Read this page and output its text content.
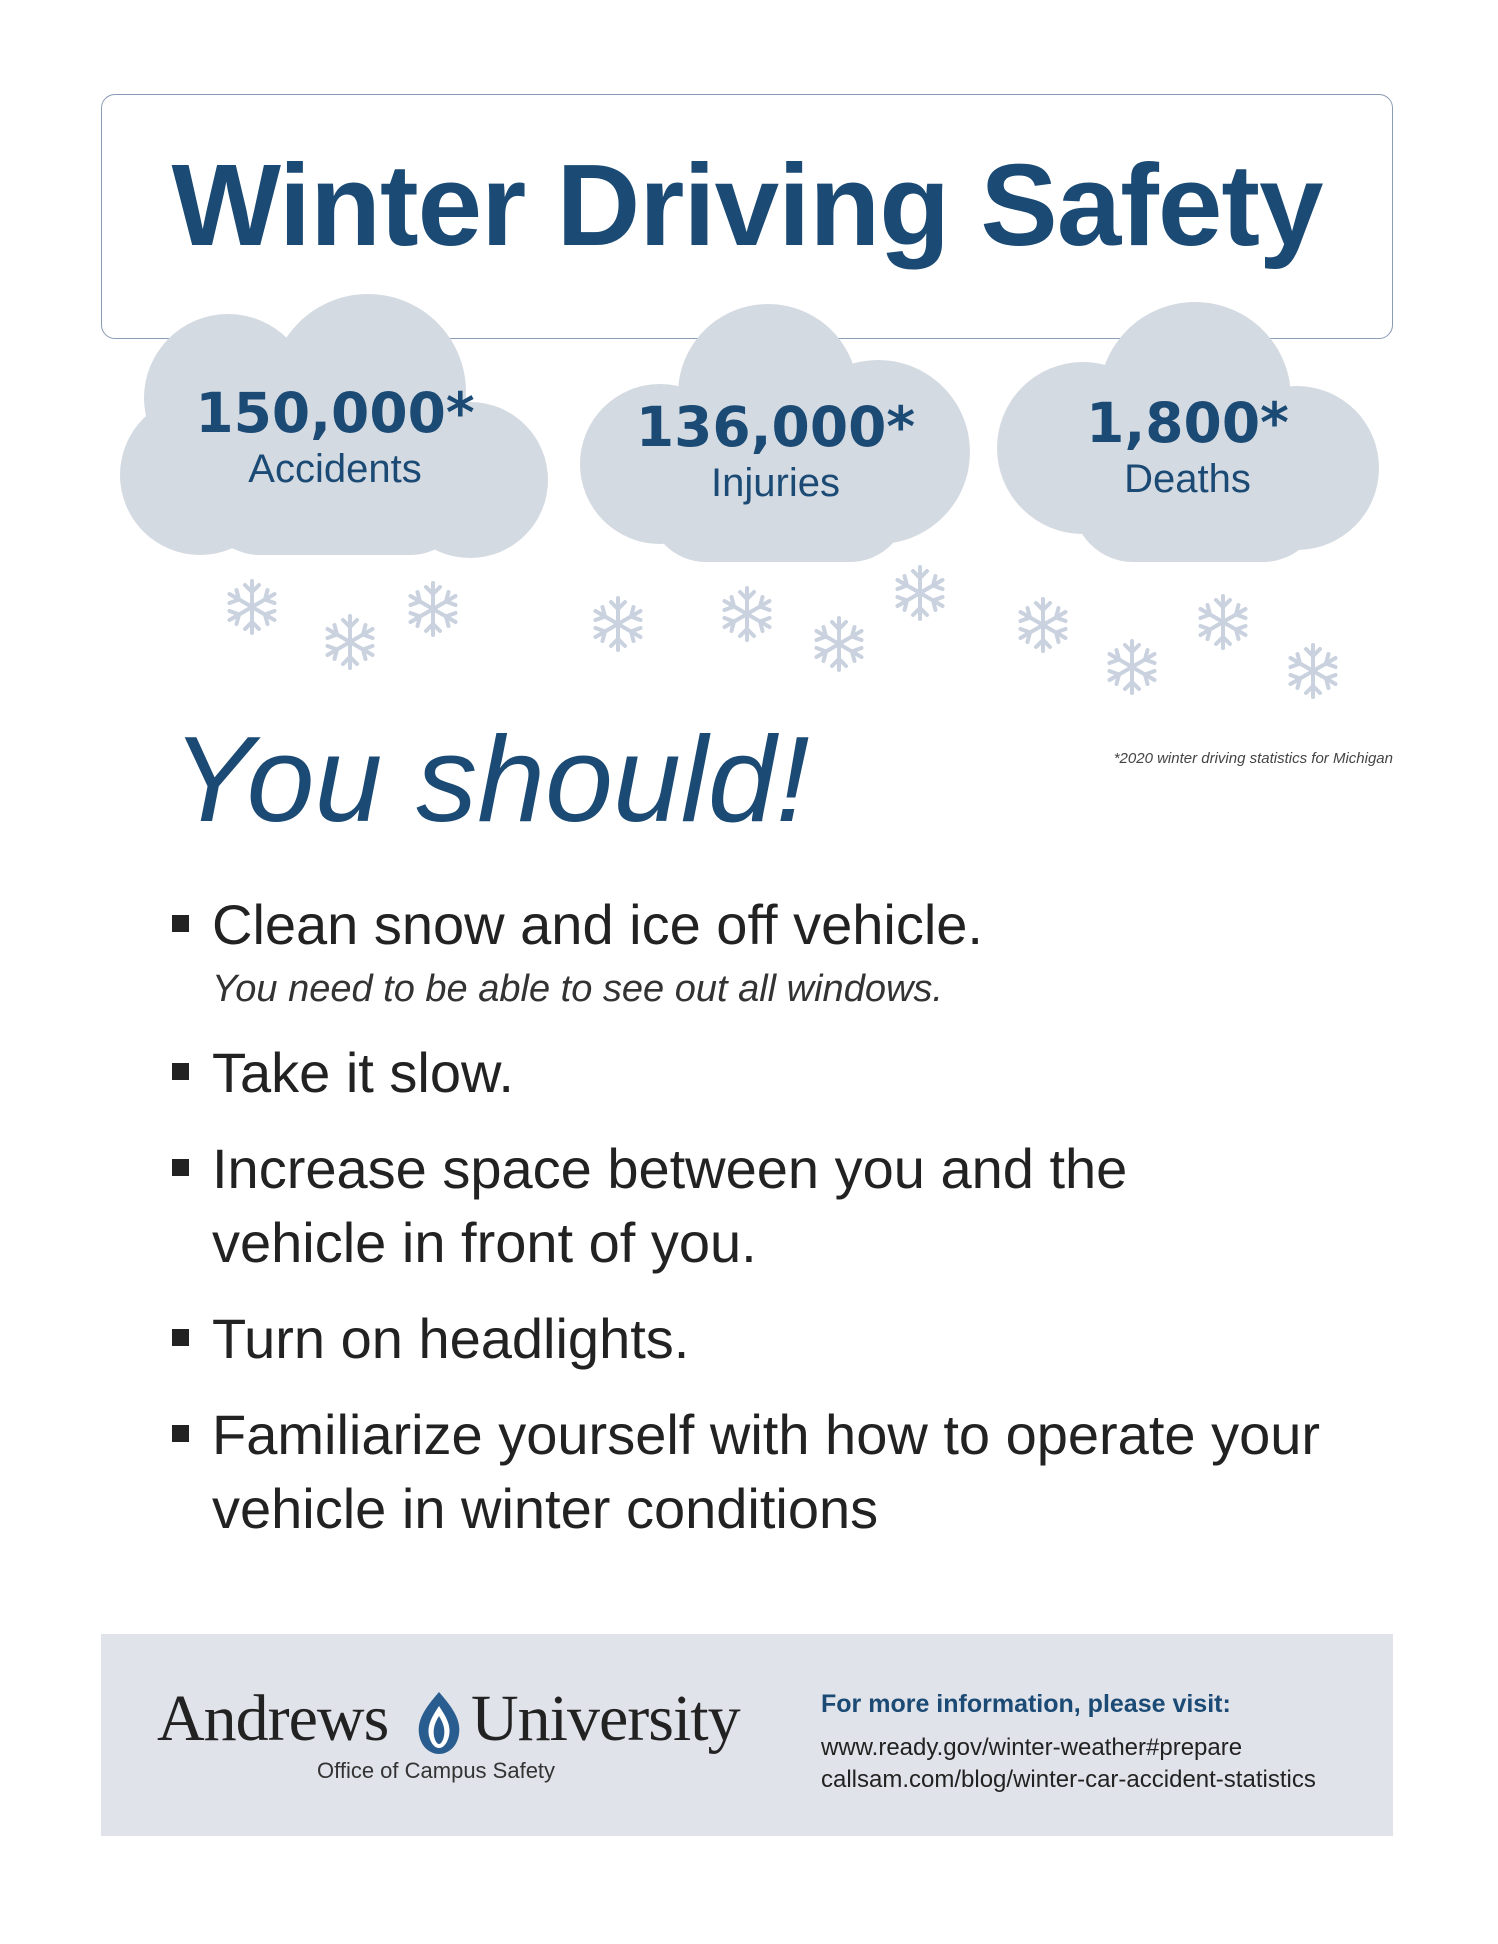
Winter Driving Safety
150,000*
Accidents
136,000*
Injuries
1,800*
Deaths
You should!	*2020 winter driving statistics for Michigan
Clean snow and ice off vehicle.
You need to be able to see out all windows.
Take it slow.
Increase space between you and the vehicle in front of you.
Turn on headlights.
Familiarize yourself with how to operate your vehicle in winter conditions
Andrews University
Office of Campus Safety
For more information, please visit:
www.ready.gov/winter-weather#prepare
callsam.com/blog/winter-car-accident-statistics
